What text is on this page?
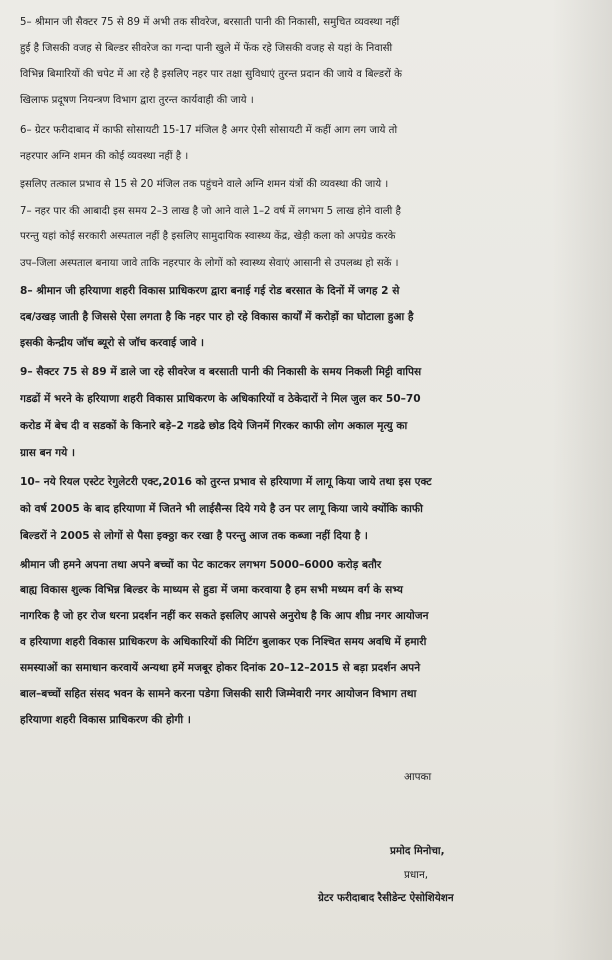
5– श्रीमान जी सैक्टर 75 से 89 में अभी तक सीवरेज, बरसाती पानी की निकासी, समुचित व्यवस्था नहीं
हुई है जिसकी वजह से बिल्डर सीवरेज का गन्दा पानी खुले में फेंक रहे जिसकी वजह से यहां के निवासी
विभिन्न बिमारियों की चपेट में आ रहे है इसलिए नहर पार तक्षा सुविधाएं तुरन्त प्रदान की जाये व बिल्डरों के
खिलाफ प्रदूषण नियन्त्रण विभाग द्वारा तुरन्त कार्यवाही की जाये ।
6– ग्रेटर फरीदाबाद में काफी सोसायटी 15-17 मंजिल है अगर ऐसी सोसायटी में कहीं आग लग जाये तो
नहरपार अग्नि शमन की कोई व्यवस्था नहीं है ।
इसलिए तत्काल प्रभाव से 15 से 20 मंजिल तक पहुंचने वाले अग्नि शमन यंत्रों की व्यवस्था की जाये ।
7– नहर पार की आबादी इस समय 2–3 लाख है जो आने वाले 1–2 वर्ष में लगभग 5 लाख होने वाली है
परन्तु यहां कोई सरकारी अस्पताल नहीं है इसलिए सामुदायिक स्वास्थ्य केंद्र, खेड़ी कला को अपग्रेड करके
उप–जिला अस्पताल बनाया जावे ताकि नहरपार के लोगों को स्वास्थ्य सेवाएं आसानी से उपलब्ध हो सकें ।
8– श्रीमान जी हरियाणा शहरी विकास प्राधिकरण द्वारा बनाई गई रोड बरसात के दिनों में जगह 2 से
दब/उखड़ जाती है जिससे ऐसा लगता है कि नहर पार हो रहे विकास कार्यों में करोड़ों का घोटाला हुआ है
इसकी केन्द्रीय जॉच ब्यूरो से जॉच करवाई जावे ।
9– सैक्टर 75 से 89 में डाले जा रहे सीवरेज व बरसाती पानी की निकासी के समय निकली मिट्टी वापिस
गडढों में भरने के हरियाणा शहरी विकास प्राधिकरण के अधिकारियों व ठेकेदारों ने मिल जुल कर 50–70
करोड में बेच दी व सडकों के किनारे बड़े–2 गडढे छोड दिये जिनमें गिरकर काफी लोग अकाल मृत्यु का
ग्रास बन गये ।
10– नये रियल एस्टेट रेगुलेटरी एक्ट,2016 को तुरन्त प्रभाव से हरियाणा में लागू किया जाये तथा इस एक्ट
को वर्ष 2005 के बाद हरियाणा में जितने भी लाईसैन्स दिये गये है उन पर लागू किया जाये क्योंकि काफी
बिल्डरों ने 2005 से लोगों से पैसा इक्ठ्ठा कर रखा है परन्तु आज तक कब्जा नहीं दिया है ।
श्रीमान जी हमने अपना तथा अपने बच्चों का पेट काटकर लगभग 5000–6000 करोड़ बतौर
बाह्य विकास शुल्क विभिन्न बिल्डर के माध्यम से हुडा में जमा करवाया है हम सभी मध्यम वर्ग के सभ्य
नागरिक है जो हर रोज धरना प्रदर्शन नहीं कर सकते इसलिए आपसे अनुरोध है कि आप शीघ्र नगर आयोजन
व हरियाणा शहरी विकास प्राधिकरण के अधिकारियों की मिटिंग बुलाकर एक निश्चित समय अवधि में हमारी
समस्याओं का समाधान करवायें अन्यथा हमें मजबूर होकर दिनांक 20–12–2015 से बड़ा प्रदर्शन अपने
बाल–बच्चों सहित संसद भवन के सामने करना पडेगा जिसकी सारी जिम्मेवारी नगर आयोजन विभाग तथा
हरियाणा शहरी विकास प्राधिकरण की होगी ।
आपका
प्रमोद मिनोचा,
प्रधान,
ग्रेटर फरीदाबाद रैसीडेन्ट ऐसोशियेशन
